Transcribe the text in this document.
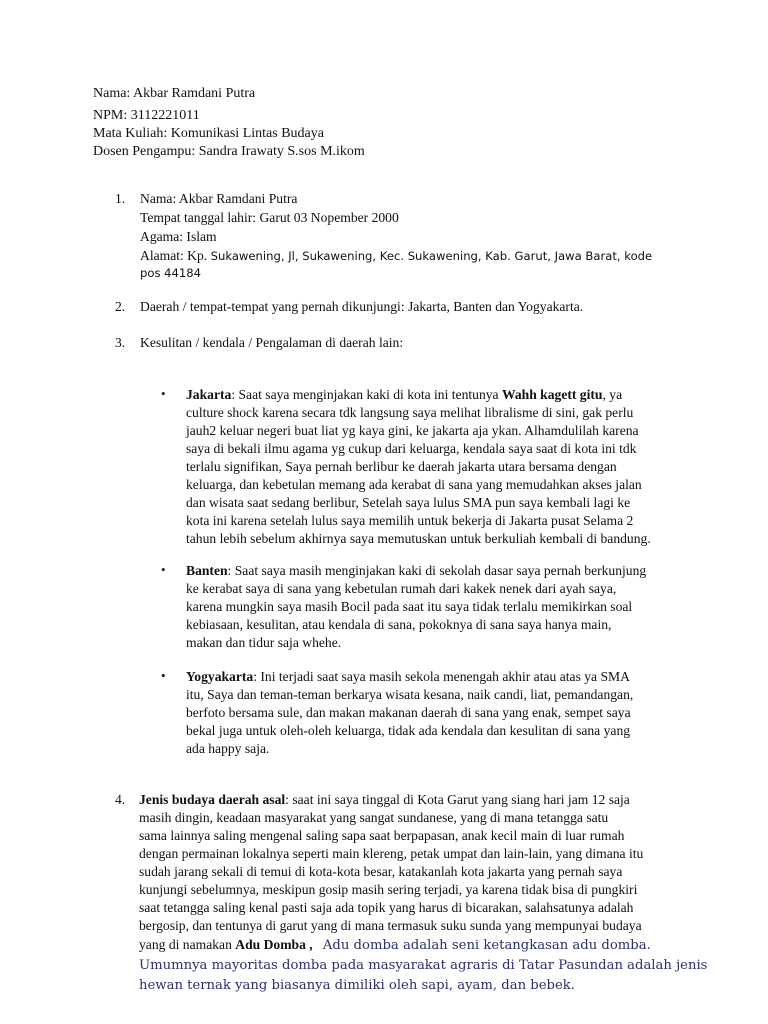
Nama: Akbar Ramdani Putra
NPM: 3112221011
Mata Kuliah: Komunikasi Lintas Budaya
Dosen Pengampu: Sandra Irawaty S.sos M.ikom
1. Nama: Akbar Ramdani Putra
Tempat tanggal lahir: Garut 03 Nopember 2000
Agama: Islam
Alamat: Kp. Sukawening, Jl, Sukawening, Kec. Sukawening, Kab. Garut, Jawa Barat, kode
pos 44184
2. Daerah / tempat-tempat yang pernah dikunjungi: Jakarta, Banten dan Yogyakarta.
3. Kesulitan / kendala / Pengalaman di daerah lain:
• Jakarta: Saat saya menginjakan kaki di kota ini tentunya Wahh kagett gitu, ya
culture shock karena secara tdk langsung saya melihat libralisme di sini, gak perlu
jauh2 keluar negeri buat liat yg kaya gini, ke jakarta aja ykan. Alhamdulilah karena
saya di bekali ilmu agama yg cukup dari keluarga, kendala saya saat di kota ini tdk
terlalu signifikan, Saya pernah berlibur ke daerah jakarta utara bersama dengan
keluarga, dan kebetulan memang ada kerabat di sana yang memudahkan akses jalan
dan wisata saat sedang berlibur, Setelah saya lulus SMA pun saya kembali lagi ke
kota ini karena setelah lulus saya memilih untuk bekerja di Jakarta pusat Selama 2
tahun lebih sebelum akhirnya saya memutuskan untuk berkuliah kembali di bandung.
• Banten: Saat saya masih menginjakan kaki di sekolah dasar saya pernah berkunjung
ke kerabat saya di sana yang kebetulan rumah dari kakek nenek dari ayah saya,
karena mungkin saya masih Bocil pada saat itu saya tidak terlalu memikirkan soal
kebiasaan, kesulitan, atau kendala di sana, pokoknya di sana saya hanya main,
makan dan tidur saja whehe.
• Yogyakarta: Ini terjadi saat saya masih sekola menengah akhir atau atas ya SMA
itu, Saya dan teman-teman berkarya wisata kesana, naik candi, liat, pemandangan,
berfoto bersama sule, dan makan makanan daerah di sana yang enak, sempet saya
bekal juga untuk oleh-oleh keluarga, tidak ada kendala dan kesulitan di sana yang
ada happy saja.
4. Jenis budaya daerah asal: saat ini saya tinggal di Kota Garut yang siang hari jam 12 saja
masih dingin, keadaan masyarakat yang sangat sundanese, yang di mana tetangga satu
sama lainnya saling mengenal saling sapa saat berpapasan, anak kecil main di luar rumah
dengan permainan lokalnya seperti main klereng, petak umpat dan lain-lain, yang dimana itu
sudah jarang sekali di temui di kota-kota besar, katakanlah kota jakarta yang pernah saya
kunjungi sebelumnya, meskipun gosip masih sering terjadi, ya karena tidak bisa di pungkiri
saat tetangga saling kenal pasti saja ada topik yang harus di bicarakan, salahsatunya adalah
bergosip, dan tentunya di garut yang di mana termasuk suku sunda yang mempunyai budaya
yang di namakan Adu Domba , Adu domba adalah seni ketangkasan adu domba.
Umumnya mayoritas domba pada masyarakat agraris di Tatar Pasundan adalah jenis
hewan ternak yang biasanya dimiliki oleh sapi, ayam, dan bebek.
